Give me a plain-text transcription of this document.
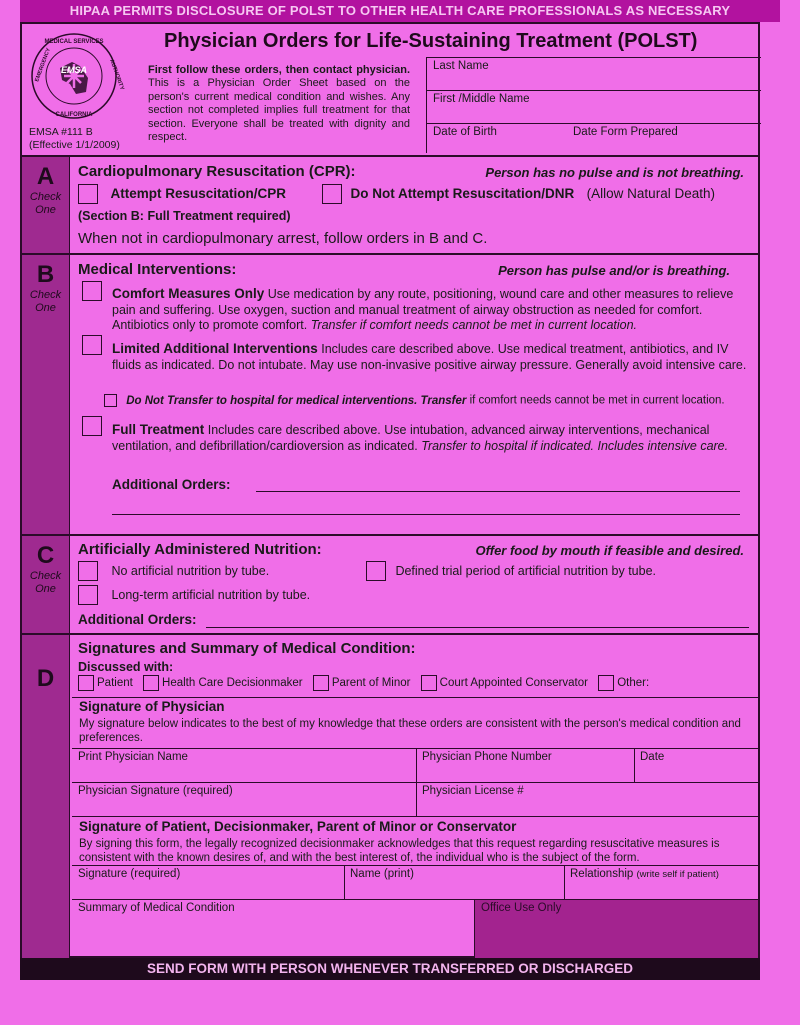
HIPAA PERMITS DISCLOSURE OF POLST TO OTHER HEALTH CARE PROFESSIONALS AS NECESSARY
EMSA
MEDICAL SERVICES
EMERGENCY	AUTHORITY
CALIFORNIA
EMSA #111 B
(Effective 1/1/2009)
Physician Orders for Life-Sustaining Treatment (POLST)
First follow these orders, then contact physician. This is a Physician Order Sheet based on the person's current medical condition and wishes. Any section not completed implies full treatment for that section. Everyone shall be treated with dignity and respect.
Last Name
First /Middle Name
Date of Birth	Date Form Prepared
A
Check One
Cardiopulmonary Resuscitation (CPR):	Person has no pulse and is not breathing.
Attempt Resuscitation/CPR
(Section B: Full Treatment required)
Do Not Attempt Resuscitation/DNR (Allow Natural Death)
When not in cardiopulmonary arrest, follow orders in B and C.
B
Check One
Medical Interventions:	Person has pulse and/or is breathing.
Comfort Measures Only Use medication by any route, positioning, wound care and other measures to relieve pain and suffering. Use oxygen, suction and manual treatment of airway obstruction as needed for comfort. Antibiotics only to promote comfort. Transfer if comfort needs cannot be met in current location.
Limited Additional Interventions Includes care described above. Use medical treatment, antibiotics, and IV fluids as indicated. Do not intubate. May use non-invasive positive airway pressure. Generally avoid intensive care.
Do Not Transfer to hospital for medical interventions. Transfer if comfort needs cannot be met in current location.
Full Treatment Includes care described above. Use intubation, advanced airway interventions, mechanical ventilation, and defibrillation/cardioversion as indicated. Transfer to hospital if indicated. Includes intensive care.
Additional Orders:
C
Check One
Artificially Administered Nutrition:	Offer food by mouth if feasible and desired.
No artificial nutrition by tube.	Defined trial period of artificial nutrition by tube.
Long-term artificial nutrition by tube.
Additional Orders:
D
Signatures and Summary of Medical Condition:
Discussed with:
Patient	Health Care Decisionmaker	Parent of Minor	Court Appointed Conservator	Other:
Signature of Physician
My signature below indicates to the best of my knowledge that these orders are consistent with the person's medical condition and preferences.
Print Physician Name	Physician Phone Number	Date
Physician Signature (required)	Physician License #
Signature of Patient, Decisionmaker, Parent of Minor or Conservator
By signing this form, the legally recognized decisionmaker acknowledges that this request regarding resuscitative measures is consistent with the known desires of, and with the best interest of, the individual who is the subject of the form.
Signature (required)	Name (print)	Relationship (write self if patient)
Summary of Medical Condition	Office Use Only
SEND FORM WITH PERSON WHENEVER TRANSFERRED OR DISCHARGED
